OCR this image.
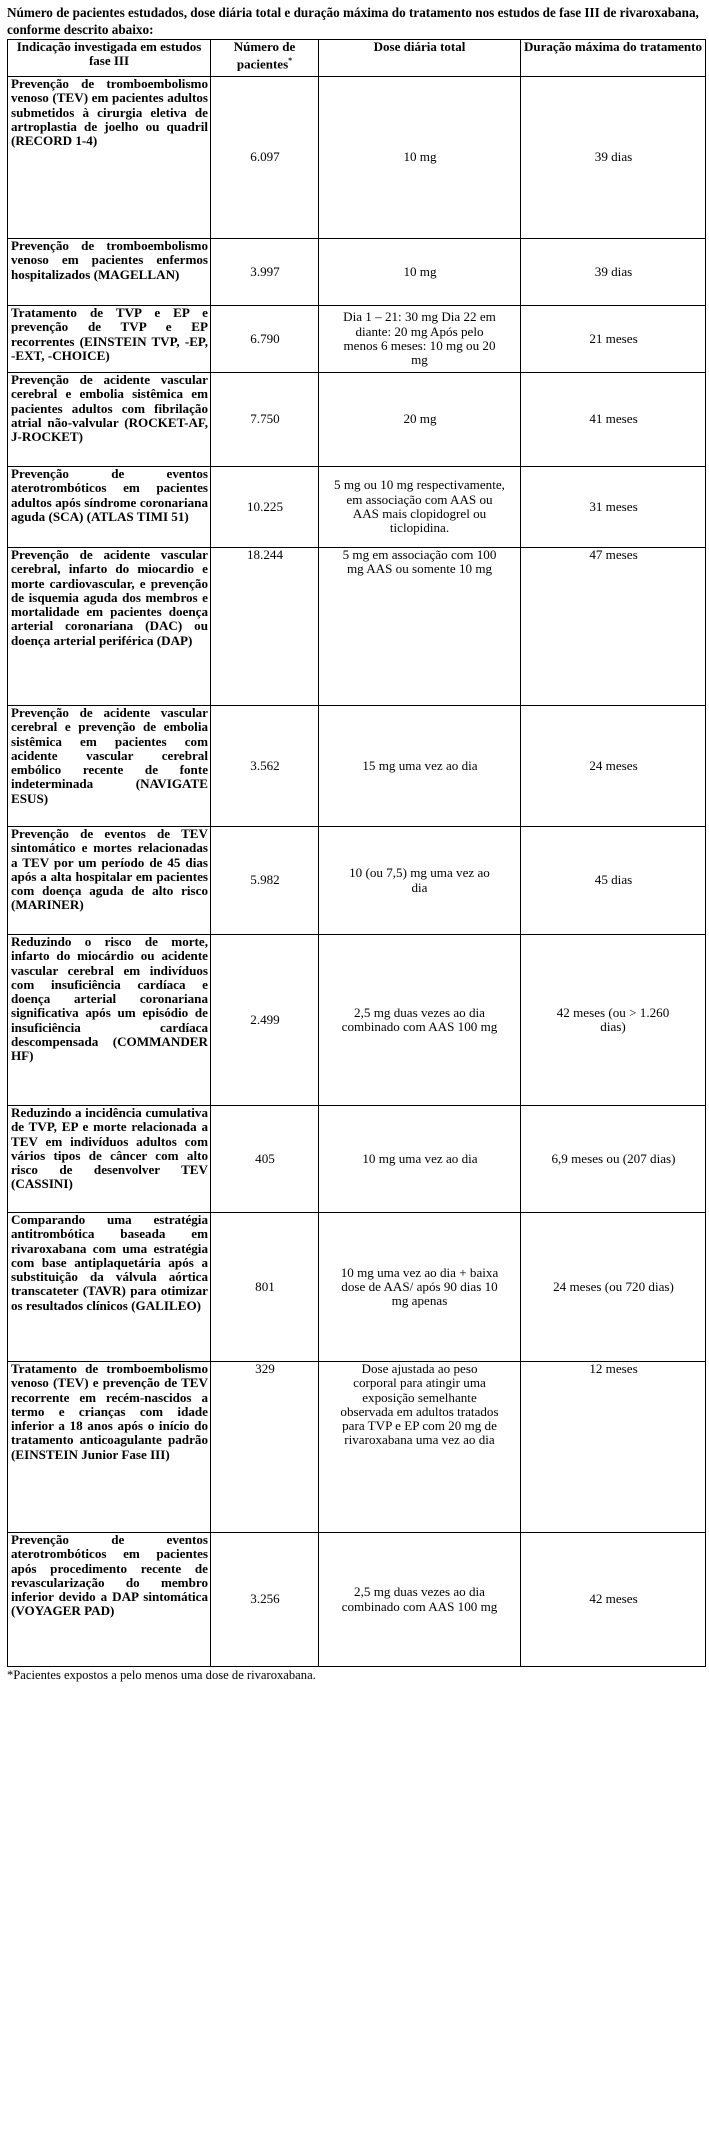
Número de pacientes estudados, dose diária total e duração máxima do tratamento nos estudos de fase III de rivaroxabana, conforme descrito abaixo:

Indicação investigada em estudos fase III	Número de pacientes*	Dose diária total	Duração máxima do tratamento
Prevenção de tromboembolismo venoso (TEV) em pacientes adultos submetidos à cirurgia eletiva de artroplastia de joelho ou quadril (RECORD 1-4)	6.097	10 mg	39 dias
Prevenção de tromboembolismo venoso em pacientes enfermos hospitalizados (MAGELLAN)	3.997	10 mg	39 dias
Tratamento de TVP e EP e prevenção de TVP e EP recorrentes (EINSTEIN TVP, -EP, -EXT, -CHOICE)	6.790	Dia 1 – 21: 30 mg Dia 22 em diante: 20 mg Após pelo menos 6 meses: 10 mg ou 20 mg	21 meses
Prevenção de acidente vascular cerebral e embolia sistêmica em pacientes adultos com fibrilação atrial não-valvular (ROCKET-AF, J-ROCKET)	7.750	20 mg	41 meses
Prevenção de eventos aterotrombóticos em pacientes adultos após síndrome coronariana aguda (SCA) (ATLAS TIMI 51)	10.225	5 mg ou 10 mg respectivamente, em associação com AAS ou AAS mais clopidogrel ou ticlopidina.	31 meses
Prevenção de acidente vascular cerebral, infarto do miocardio e morte cardiovascular, e prevenção de isquemia aguda dos membros e mortalidade em pacientes doença arterial coronariana (DAC) ou doença arterial periférica (DAP)	18.244	5 mg em associação com 100 mg AAS ou somente 10 mg	47 meses
Prevenção de acidente vascular cerebral e prevenção de embolia sistêmica em pacientes com acidente vascular cerebral embólico recente de fonte indeterminada (NAVIGATE ESUS)	3.562	15 mg uma vez ao dia	24 meses
Prevenção de eventos de TEV sintomático e mortes relacionadas a TEV por um período de 45 dias após a alta hospitalar em pacientes com doença aguda de alto risco (MARINER)	5.982	10 (ou 7,5) mg uma vez ao dia	45 dias
Reduzindo o risco de morte, infarto do miocárdio ou acidente vascular cerebral em indivíduos com insuficiência cardíaca e doença arterial coronariana significativa após um episódio de insuficiência cardíaca descompensada (COMMANDER HF)	2.499	2,5 mg duas vezes ao dia combinado com AAS 100 mg	42 meses (ou > 1.260 dias)
Reduzindo a incidência cumulativa de TVP, EP e morte relacionada a TEV em indivíduos adultos com vários tipos de câncer com alto risco de desenvolver TEV (CASSINI)	405	10 mg uma vez ao dia	6,9 meses ou (207 dias)
Comparando uma estratégia antitrombótica baseada em rivaroxabana com uma estratégia com base antiplaquetária após a substituição da válvula aórtica transcateter (TAVR) para otimizar os resultados clínicos (GALILEO)	801	10 mg uma vez ao dia + baixa dose de AAS/ após 90 dias 10 mg apenas	24 meses (ou 720 dias)
Tratamento de tromboembolismo venoso (TEV) e prevenção de TEV recorrente em recém-nascidos a termo e crianças com idade inferior a 18 anos após o início do tratamento anticoagulante padrão (EINSTEIN Junior Fase III)	329	Dose ajustada ao peso corporal para atingir uma exposição semelhante observada em adultos tratados para TVP e EP com 20 mg de rivaroxabana uma vez ao dia	12 meses
Prevenção de eventos aterotrombóticos em pacientes após procedimento recente de revascularização do membro inferior devido a DAP sintomática (VOYAGER PAD)	3.256	2,5 mg duas vezes ao dia combinado com AAS 100 mg	42 meses
*Pacientes expostos a pelo menos uma dose de rivaroxabana.
